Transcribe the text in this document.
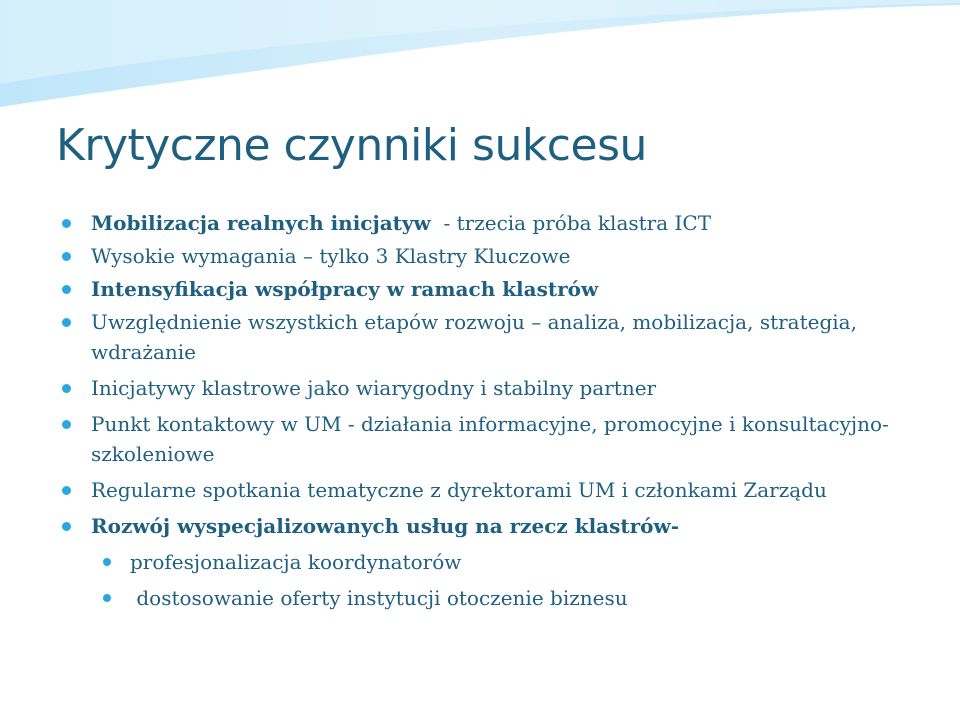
Krytyczne czynniki sukcesu
Mobilizacja realnych inicjatyw  - trzecia próba klastra ICT
Wysokie wymagania – tylko 3 Klastry Kluczowe
Intensyfikacja współpracy w ramach klastrów
Uwzględnienie wszystkich etapów rozwoju – analiza, mobilizacja, strategia, wdrażanie
Inicjatywy klastrowe jako wiarygodny i stabilny partner
Punkt kontaktowy w UM - działania informacyjne, promocyjne i konsultacyjno-szkoleniowe
Regularne spotkania tematyczne z dyrektorami UM i członkami Zarządu
Rozwój wyspecjalizowanych usług na rzecz klastrów-
profesjonalizacja koordynatorów
dostosowanie oferty instytucji otoczenie biznesu
